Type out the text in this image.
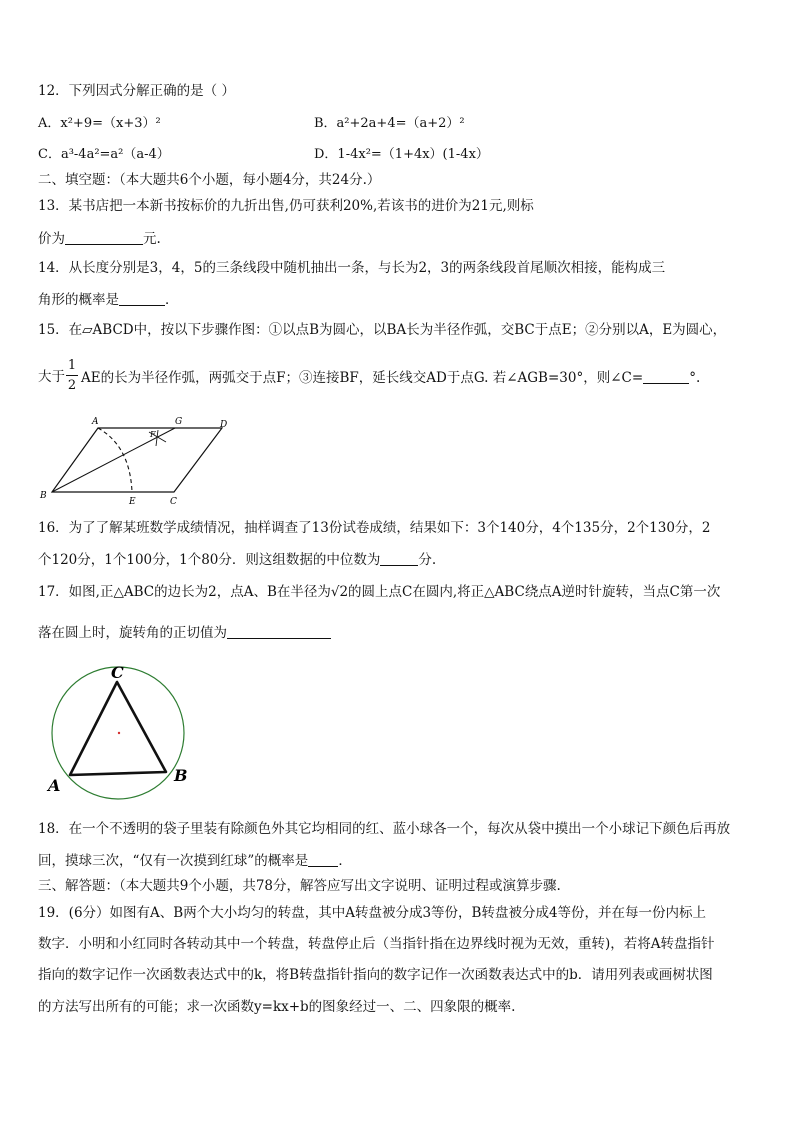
12．下列因式分解正确的是（ ）
A．x²+9=（x+3）²	B．a²+2a+4=（a+2）²
C．a³-4a²=a²（a-4）	D．1-4x²=（1+4x）(1-4x）
二、填空题：（本大题共6个小题，每小题4分，共24分.）
13．某书店把一本新书按标价的九折出售,仍可获利20%,若该书的进价为21元,则标
价为	元.
14．从长度分别是3，4，5的三条线段中随机抽出一条，与长为2，3的两条线段首尾顺次相接，能构成三
角形的概率是	．
15．在▱ABCD中，按以下步骤作图：①以点B为圆心，以BA长为半径作弧，交BC于点E；②分别以A，E为圆心，
大于
1
2 AE的长为半径作弧，两弧交于点F；③连接BF，延长线交AD于点G. 若∠AGB=30°，则∠C=	°.
A	G	D
F
B
E	C
16．为了了解某班数学成绩情况，抽样调查了13份试卷成绩，结果如下：3个140分，4个135分，2个130分，2
个120分，1个100分，1个80分．则这组数据的中位数为	分.
17．如图,正△ABC的边长为2，点A、B在半径为√2的圆上点C在圆内,将正△ABC绕点A逆时针旋转，当点C第一次
落在圆上时，旋转角的正切值为
C
A
B
18．在一个不透明的袋子里装有除颜色外其它均相同的红、蓝小球各一个，每次从袋中摸出一个小球记下颜色后再放
回，摸球三次，“仅有一次摸到红球”的概率是 ．
三、解答题：（本大题共9个小题，共78分，解答应写出文字说明、证明过程或演算步骤.
19．(6分）如图有A、B两个大小均匀的转盘，其中A转盘被分成3等份，B转盘被分成4等份，并在每一份内标上
数字．小明和小红同时各转动其中一个转盘，转盘停止后（当指针指在边界线时视为无效，重转)，若将A转盘指针
指向的数字记作一次函数表达式中的k，将B转盘指针指向的数字记作一次函数表达式中的b．请用列表或画树状图
的方法写出所有的可能；求一次函数y=kx+b的图象经过一、二、四象限的概率.
